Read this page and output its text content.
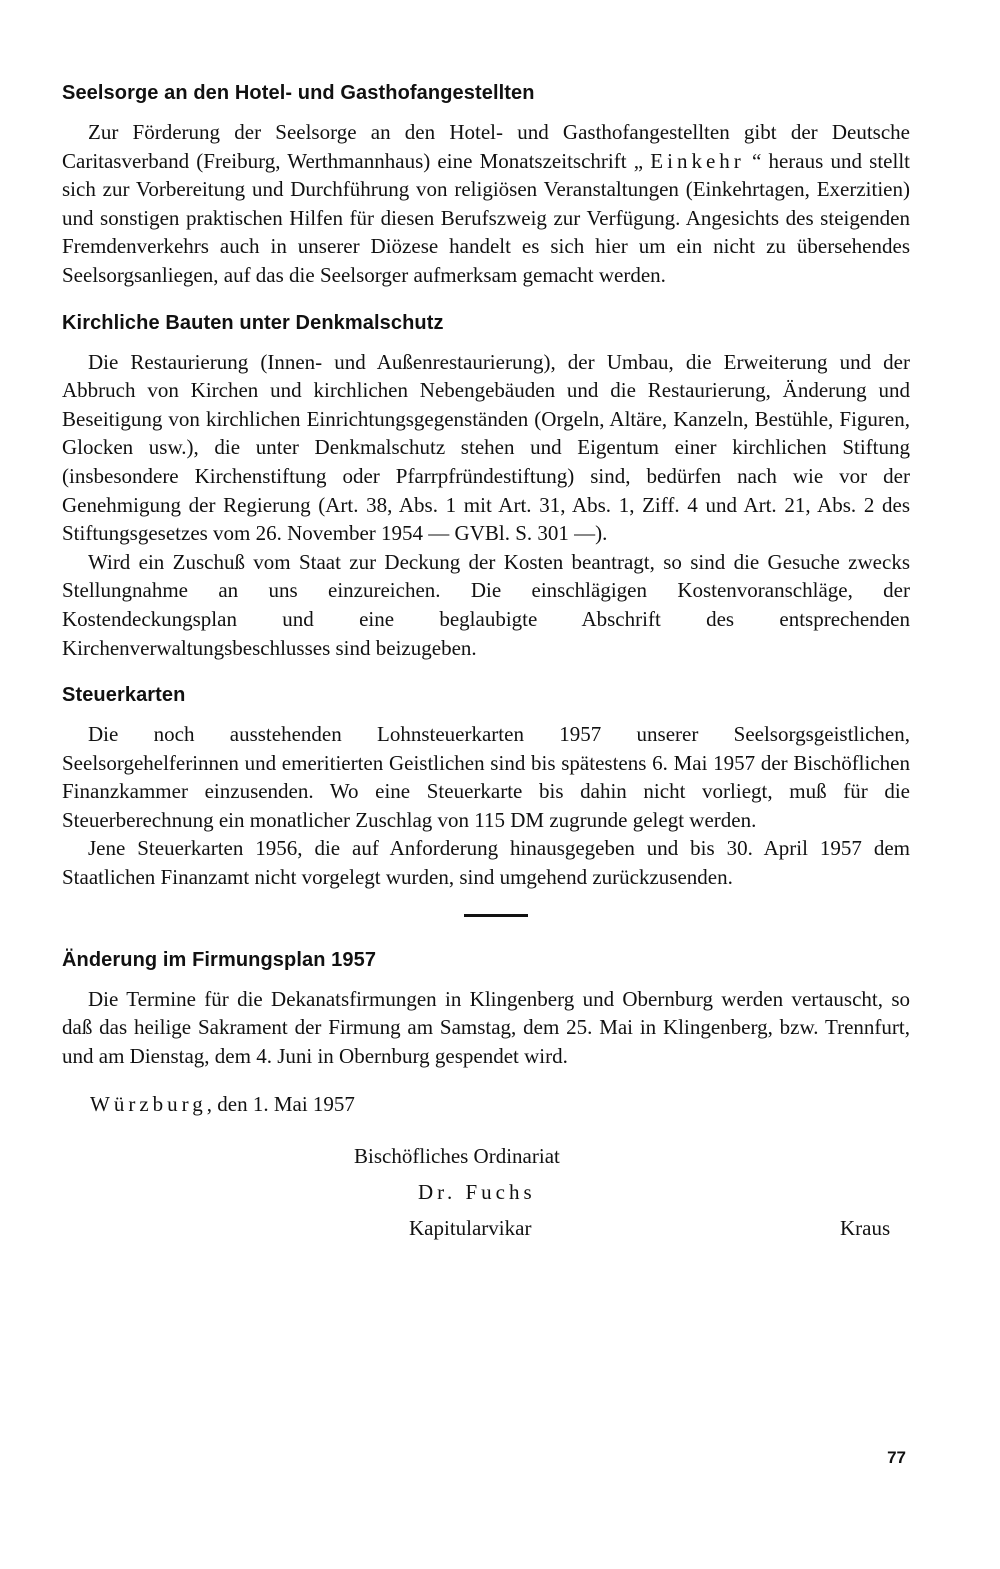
Seelsorge an den Hotel- und Gasthofangestellten

Zur Förderung der Seelsorge an den Hotel- und Gasthofangestellten gibt der Deutsche Caritasverband (Freiburg, Werthmannhaus) eine Monatszeitschrift „ Einkehr “ heraus und stellt sich zur Vorbereitung und Durchführung von religiösen Veranstaltungen (Einkehrtagen, Exerzitien) und sonstigen praktischen Hilfen für diesen Berufszweig zur Verfügung. Angesichts des steigenden Fremdenverkehrs auch in unserer Diözese handelt es sich hier um ein nicht zu übersehendes Seelsorgsanliegen, auf das die Seelsorger aufmerksam gemacht werden.

Kirchliche Bauten unter Denkmalschutz

Die Restaurierung (Innen- und Außenrestaurierung), der Umbau, die Erweiterung und der Abbruch von Kirchen und kirchlichen Nebengebäuden und die Restaurierung, Änderung und Beseitigung von kirchlichen Einrichtungsgegenständen (Orgeln, Altäre, Kanzeln, Bestühle, Figuren, Glocken usw.), die unter Denkmalschutz stehen und Eigentum einer kirchlichen Stiftung (insbesondere Kirchenstiftung oder Pfarrpfründestiftung) sind, bedürfen nach wie vor der Genehmigung der Regierung (Art. 38, Abs. 1 mit Art. 31, Abs. 1, Ziff. 4 und Art. 21, Abs. 2 des Stiftungsgesetzes vom 26. November 1954 — GVBl. S. 301 —).

Wird ein Zuschuß vom Staat zur Deckung der Kosten beantragt, so sind die Gesuche zwecks Stellungnahme an uns einzureichen. Die einschlägigen Kostenvoranschläge, der Kostendeckungsplan und eine beglaubigte Abschrift des entsprechenden Kirchenverwaltungsbeschlusses sind beizugeben.

Steuerkarten

Die noch ausstehenden Lohnsteuerkarten 1957 unserer Seelsorgsgeistlichen, Seelsorgehelferinnen und emeritierten Geistlichen sind bis spätestens 6. Mai 1957 der Bischöflichen Finanzkammer einzusenden. Wo eine Steuerkarte bis dahin nicht vorliegt, muß für die Steuerberechnung ein monatlicher Zuschlag von 115 DM zugrunde gelegt werden.

Jene Steuerkarten 1956, die auf Anforderung hinausgegeben und bis 30. April 1957 dem Staatlichen Finanzamt nicht vorgelegt wurden, sind umgehend zurückzusenden.

Änderung im Firmungsplan 1957

Die Termine für die Dekanatsfirmungen in Klingenberg und Obernburg werden vertauscht, so daß das heilige Sakrament der Firmung am Samstag, dem 25. Mai in Klingenberg, bzw. Trennfurt, und am Dienstag, dem 4. Juni in Obernburg gespendet wird.

Würzburg, den 1. Mai 1957
Bischöfliches Ordinariat
Dr. Fuchs
Kapitularvikar	Kraus
77
